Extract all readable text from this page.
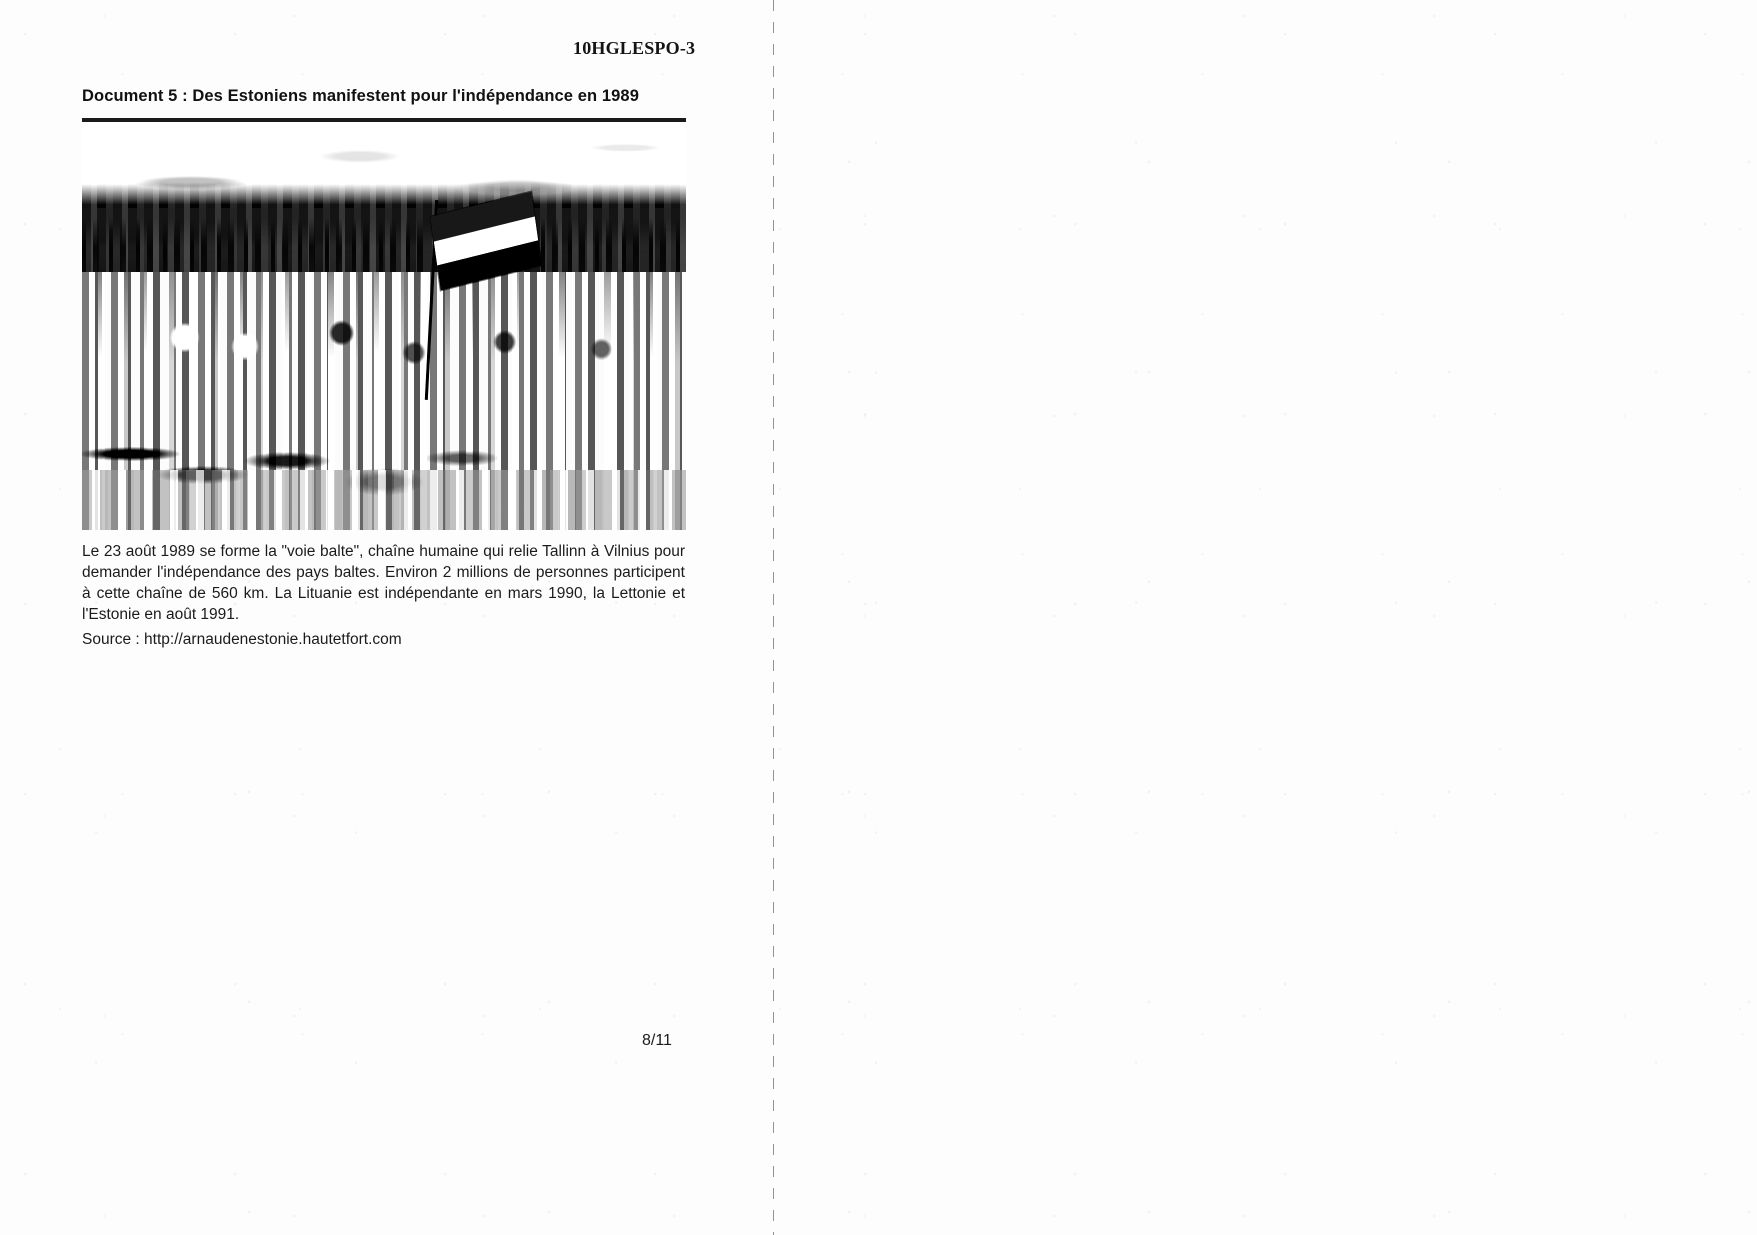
10HGLESPO-3
Document 5 : Des Estoniens manifestent pour l'indépendance en 1989
Le 23 août 1989 se forme la "voie balte", chaîne humaine qui relie Tallinn à Vilnius pour demander l'indépendance des pays baltes. Environ 2 millions de personnes participent à cette chaîne de 560 km. La Lituanie est indépendante en mars 1990, la Lettonie et l'Estonie en août 1991.
Source : http://arnaudenestonie.hautetfort.com
8/11
